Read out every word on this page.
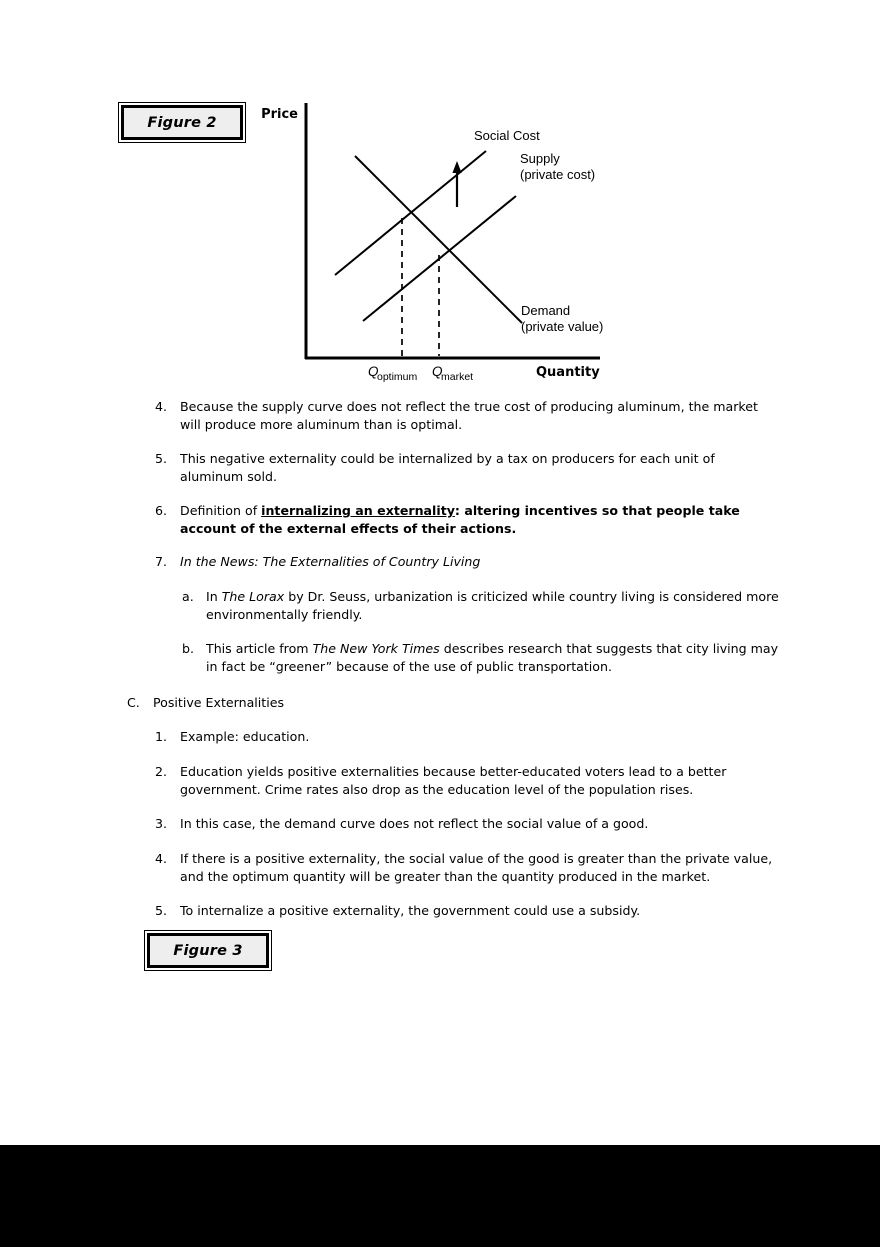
Figure 2	Price
Quantity
Social Cost
Supply
(private cost)
Demand
(private value)
Q
optimum Q
market
4. Because the supply curve does not reflect the true cost of producing aluminum, the market will produce more aluminum than is optimal.
5. This negative externality could be internalized by a tax on producers for each unit of aluminum sold.
6. Definition of internalizing an externality: altering incentives so that people take account of the external effects of their actions.
7. In the News: The Externalities of Country Living
a. In The Lorax by Dr. Seuss, urbanization is criticized while country living is considered more environmentally friendly.
b. This article from The New York Times describes research that suggests that city living may in fact be “greener” because of the use of public transportation.
C. Positive Externalities
1. Example: education.
2. Education yields positive externalities because better-educated voters lead to a better government. Crime rates also drop as the education level of the population rises.
3. In this case, the demand curve does not reflect the social value of a good.
4. If there is a positive externality, the social value of the good is greater than the private value, and the optimum quantity will be greater than the quantity produced in the market.
5. To internalize a positive externality, the government could use a subsidy.
Figure 3
